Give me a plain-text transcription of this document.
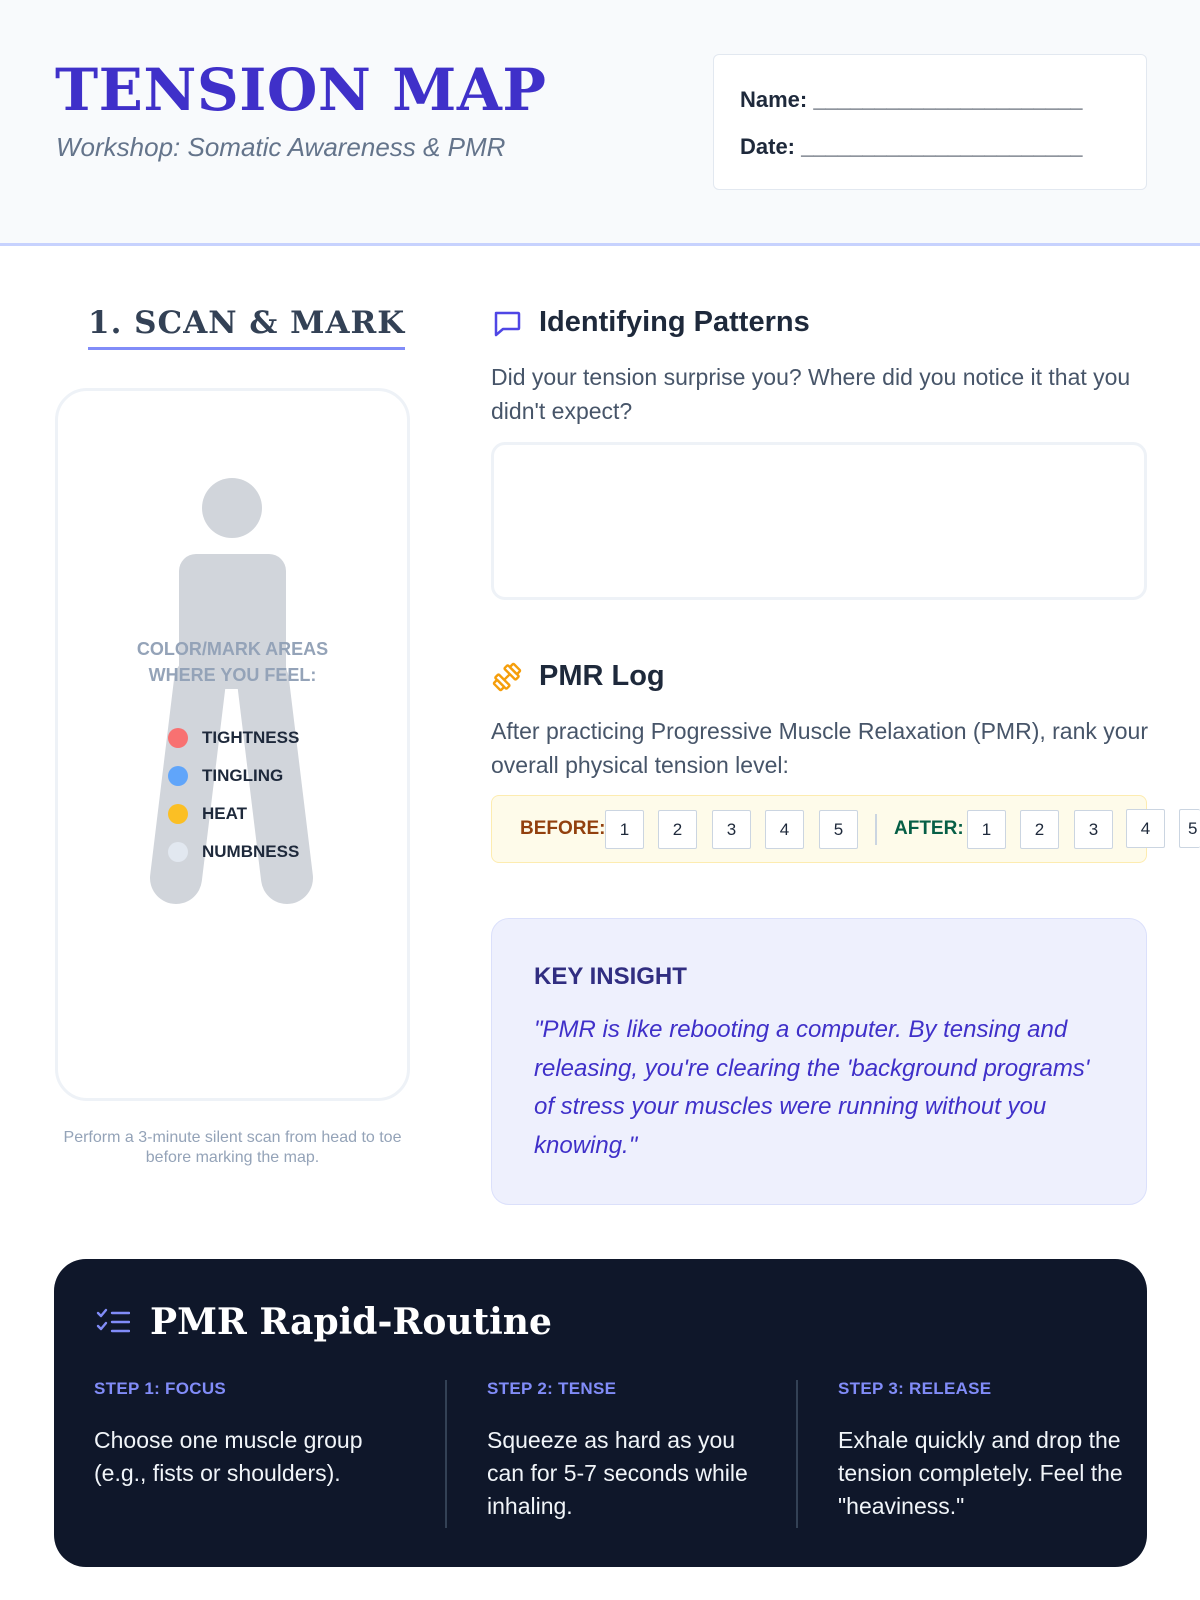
TENSION MAP
Workshop: Somatic Awareness & PMR
Name: ______________________
Date: _______________________
1. SCAN & MARK
COLOR/MARK AREAS
WHERE YOU FEEL:
TIGHTNESS
TINGLING
HEAT
NUMBNESS
Perform a 3-minute silent scan from head to toe before marking the map.
Identifying Patterns
Did your tension surprise you? Where did you notice it that you didn't expect?
PMR Log
After practicing Progressive Muscle Relaxation (PMR), rank your overall physical tension level:
BEFORE: 1	2	3	4	5	AFTER:	1	2	3	4	5
KEY INSIGHT
"PMR is like rebooting a computer. By tensing and releasing, you're clearing the 'background programs' of stress your muscles were running without you knowing."
PMR Rapid-Routine
STEP 1: FOCUS
Choose one muscle group (e.g., fists or shoulders).
STEP 2: TENSE
Squeeze as hard as you can for 5-7 seconds while inhaling.
STEP 3: RELEASE
Exhale quickly and drop the tension completely. Feel the "heaviness."
